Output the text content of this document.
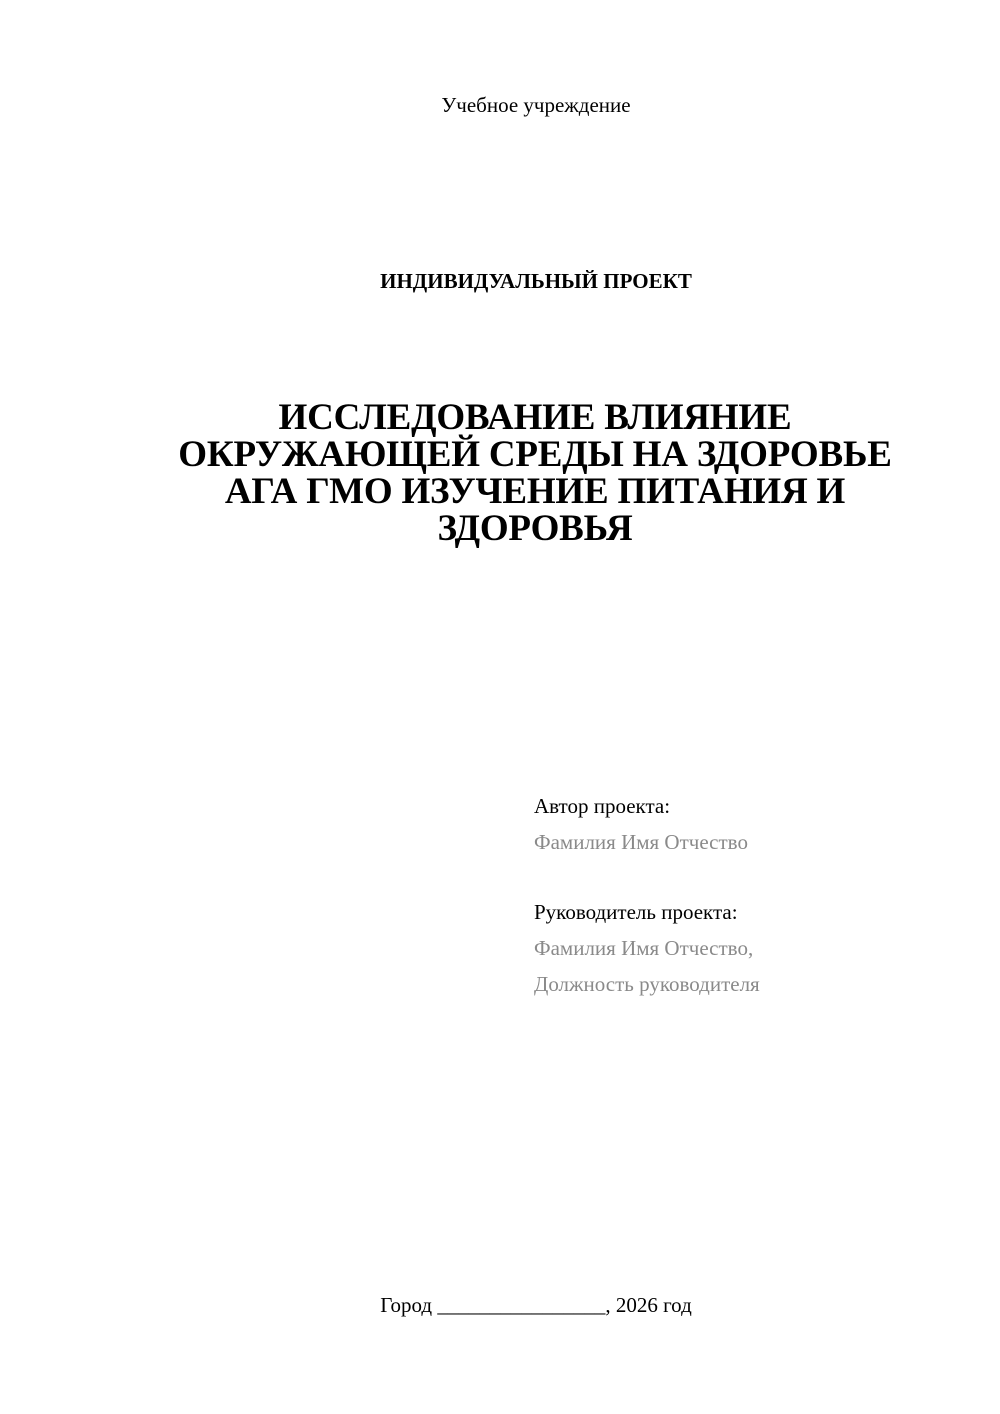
Учебное учреждение
ИНДИВИДУАЛЬНЫЙ ПРОЕКТ
ИССЛЕДОВАНИЕ ВЛИЯНИЕ
ОКРУЖАЮЩЕЙ СРЕДЫ НА ЗДОРОВЬЕ
АГА ГМО ИЗУЧЕНИЕ ПИТАНИЯ И
ЗДОРОВЬЯ
Автор проекта:
Фамилия Имя Отчество
Руководитель проекта:
Фамилия Имя Отчество,
Должность руководителя
Город ________________, 2026 год
